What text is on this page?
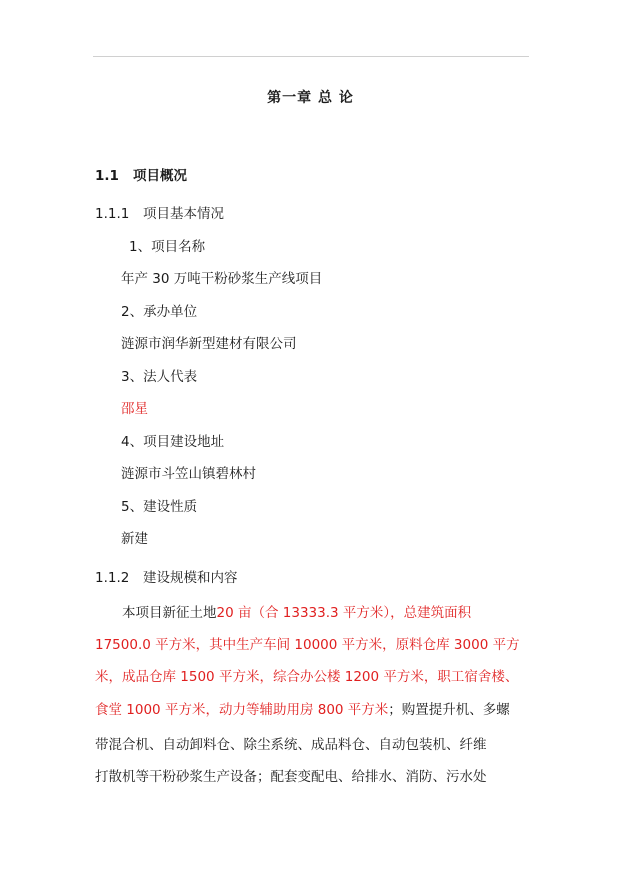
第一章 总 论
1.1 项目概况
1.1.1 项目基本情况
1、项目名称
年产 30 万吨干粉砂浆生产线项目
2、承办单位
涟源市润华新型建材有限公司
3、法人代表
邵星
4、项目建设地址
涟源市斗笠山镇碧林村
5、建设性质
新建
1.1.2 建设规模和内容
本项目新征土地20 亩（合 13333.3 平方米），总建筑面积
17500.0 平方米，其中生产车间 10000 平方米，原料仓库 3000 平方
米，成品仓库 1500 平方米，综合办公楼 1200 平方米，职工宿舍楼、
食堂 1000 平方米，动力等辅助用房 800 平方米；购置提升机、多螺
带混合机、自动卸料仓、除尘系统、成品料仓、自动包装机、纤维
打散机等干粉砂浆生产设备；配套变配电、给排水、消防、污水处
